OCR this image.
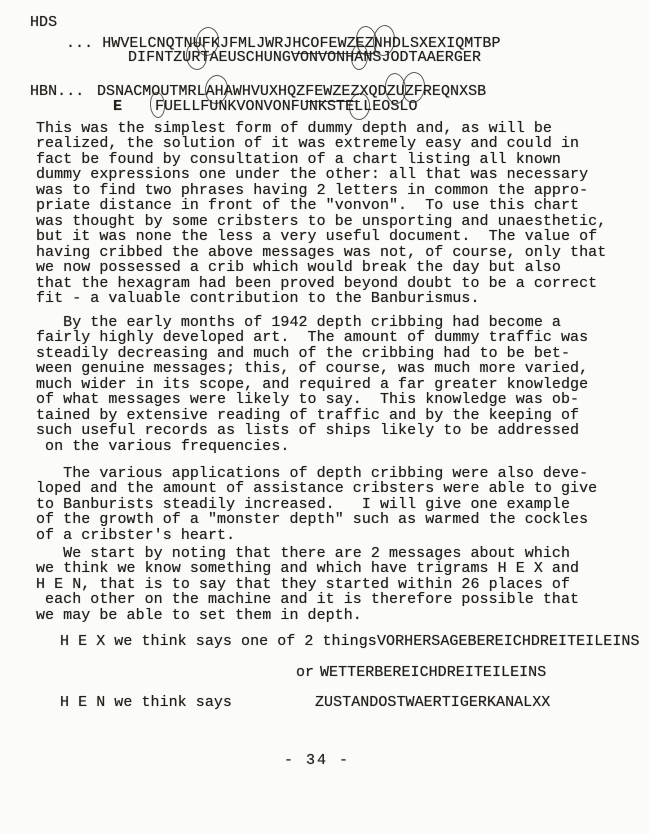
HDS
... HWVELCNQTNUFKJFMLJWRJHCOFEWZEZNHDLSXEXIQMTBP
DIFNTZURTAEUSCHUNGVONVONHANSJODTAAERGER
HBN... DSNACMOUTMRLAHAWHVUXHQZFEWZEZXQDZUZFREQNXSB
E FUELLFUNKVONVONFUNKSTELLEOSLO
This was the simplest form of dummy depth and, as will be
realized, the solution of it was extremely easy and could in
fact be found by consultation of a chart listing all known
dummy expressions one under the other: all that was necessary
was to find two phrases having 2 letters in common the appro-
priate distance in front of the "vonvon".  To use this chart
was thought by some cribsters to be unsporting and unaesthetic,
but it was none the less a very useful document.  The value of
having cribbed the above messages was not, of course, only that
we now possessed a crib which would break the day but also
that the hexagram had been proved beyond doubt to be a correct
fit - a valuable contribution to the Banburismus.
By the early months of 1942 depth cribbing had become a
fairly highly developed art.  The amount of dummy traffic was
steadily decreasing and much of the cribbing had to be bet-
ween genuine messages; this, of course, was much more varied,
much wider in its scope, and required a far greater knowledge
of what messages were likely to say.  This knowledge was ob-
tained by extensive reading of traffic and by the keeping of
such useful records as lists of ships likely to be addressed
on the various frequencies.
The various applications of depth cribbing were also deve-
loped and the amount of assistance cribsters were able to give
to Banburists steadily increased.   I will give one example
of the growth of a "monster depth" such as warmed the cockles
of a cribster's heart.
We start by noting that there are 2 messages about which
we think we know something and which have trigrams H E X and
H E N, that is to say that they started within 26 places of
each other on the machine and it is therefore possible that
we may be able to set them in depth.
H E X we think says one of 2 things VORHERSAGEBEREICHDREITEILEINS
or WETTERBEREICHDREITEILEINS
H E N we think says	ZUSTANDOSTWAERTIGERKANALXX
- 34 -
